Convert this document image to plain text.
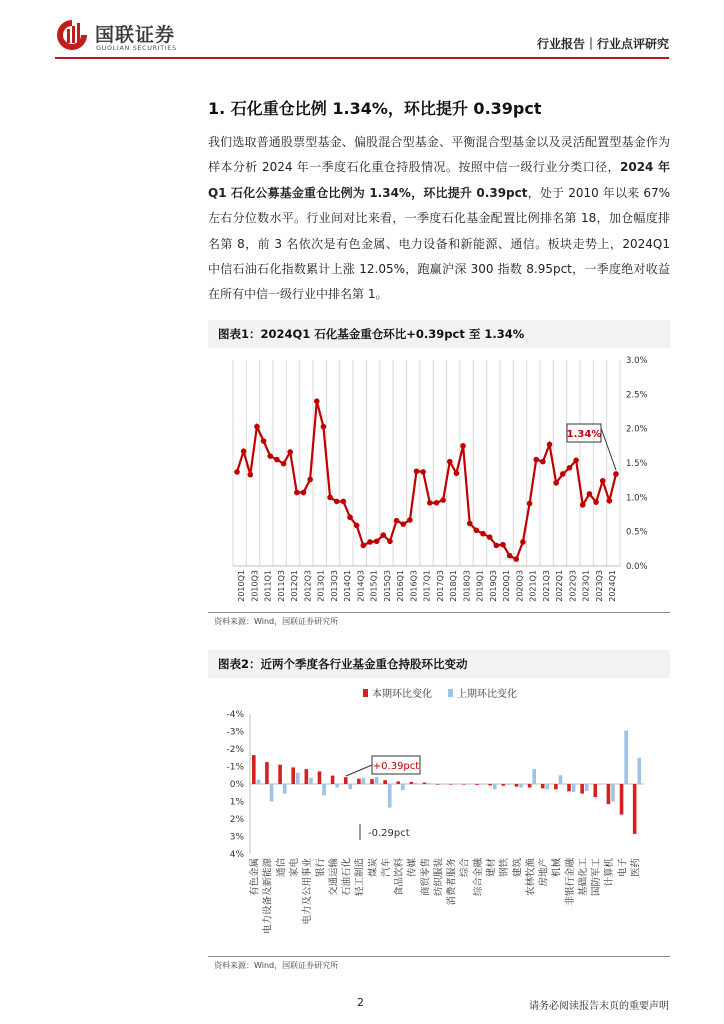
国联证券
GUOLIAN SECURITIES	行业报告｜行业点评研究
1. 石化重仓比例 1.34%，环比提升 0.39pct
我们选取普通股票型基金、偏股混合型基金、平衡混合型基金以及灵活配置型基金作为样本分析 2024 年一季度石化重仓持股情况。按照中信一级行业分类口径，2024 年 Q1 石化公募基金重仓比例为 1.34%，环比提升 0.39pct，处于 2010 年以来 67%左右分位数水平。行业间对比来看，一季度石化基金配置比例排名第 18，加仓幅度排名第 8，前 3 名依次是有色金属、电力设备和新能源、通信。板块走势上，2024Q1 中信石油石化指数累计上涨 12.05%，跑赢沪深 300 指数 8.95pct，一季度绝对收益在所有中信一级行业中排名第 1。
图表1：2024Q1 石化基金重仓环比+0.39pct 至 1.34%
0.0%
0.5%
1.0%
1.5%
2.0%
2.5%
3.0%
2010Q1 2010Q3 2011Q1 2011Q3 2012Q1 2012Q3 2013Q1 2013Q3 2014Q1 2014Q3 2015Q1 2015Q3 2016Q1 2016Q3 2017Q1 2017Q3 2018Q1 2018Q3 2019Q1 2019Q3 2020Q1 2020Q3 2021Q1 2021Q3 2022Q1 2022Q3 2023Q1 2023Q3 2024Q1
1.34%
资料来源：Wind，国联证券研究所
图表2：近两个季度各行业基金重仓持股环比变动
本期环比变化	上期环比变化
-4%
-3%
-2%
-1%
0%
1%
2%
3%
4%
有色金属 电力设备及新能源 通信 家电 电力及公用事业 银行 交通运输 石油石化 轻工制造 煤炭 汽车 食品饮料 传媒 商贸零售 纺织服装 消费者服务 综合 综合金融 建材 钢铁 建筑 农林牧渔 房地产 机械 非银行金融 基础化工 国防军工 计算机 电子 医药
+0.39pct
-0.29pct
资料来源：Wind，国联证券研究所
2	请务必阅读报告末页的重要声明
